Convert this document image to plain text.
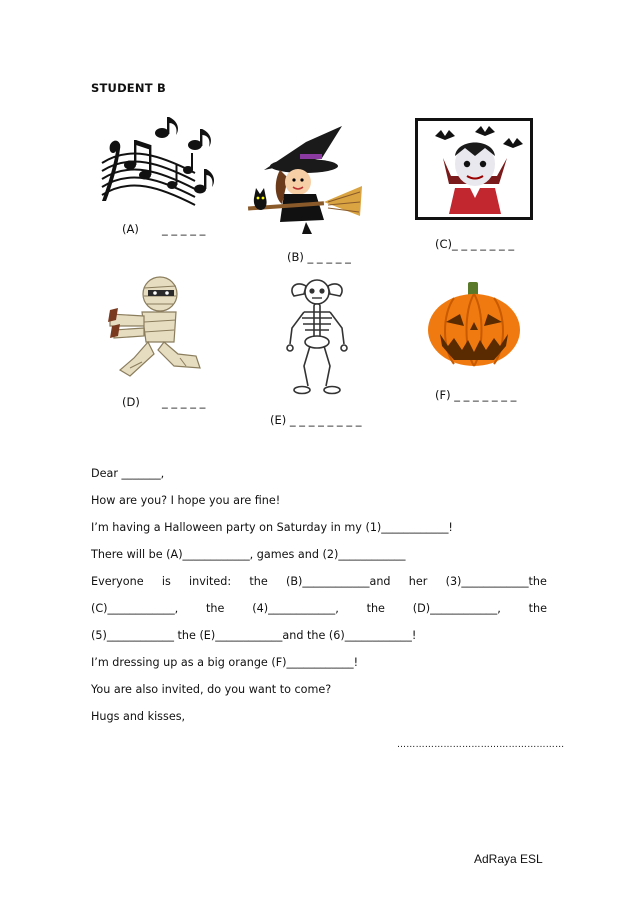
STUDENT B
(A) _ _ _ _ _
(B) _ _ _ _ _
(C)_ _ _ _ _ _ _
(D) _ _ _ _ _
(E) _ _ _ _ _ _ _ _
(F) _ _ _ _ _ _ _
Dear _______,
How are you? I hope you are fine!
I’m having a Halloween party on Saturday in my (1)____________!
There will be (A)____________, games and (2)____________
Everyone is invited: the (B)____________and her (3)____________the
(C)____________, the (4)____________, the (D)____________, the
(5)____________ the (E)____________and the (6)____________!
I’m dressing up as a big orange (F)____________!
You are also invited, do you want to come?
Hugs and kisses,
………………………………………………
AdRaya ESL
